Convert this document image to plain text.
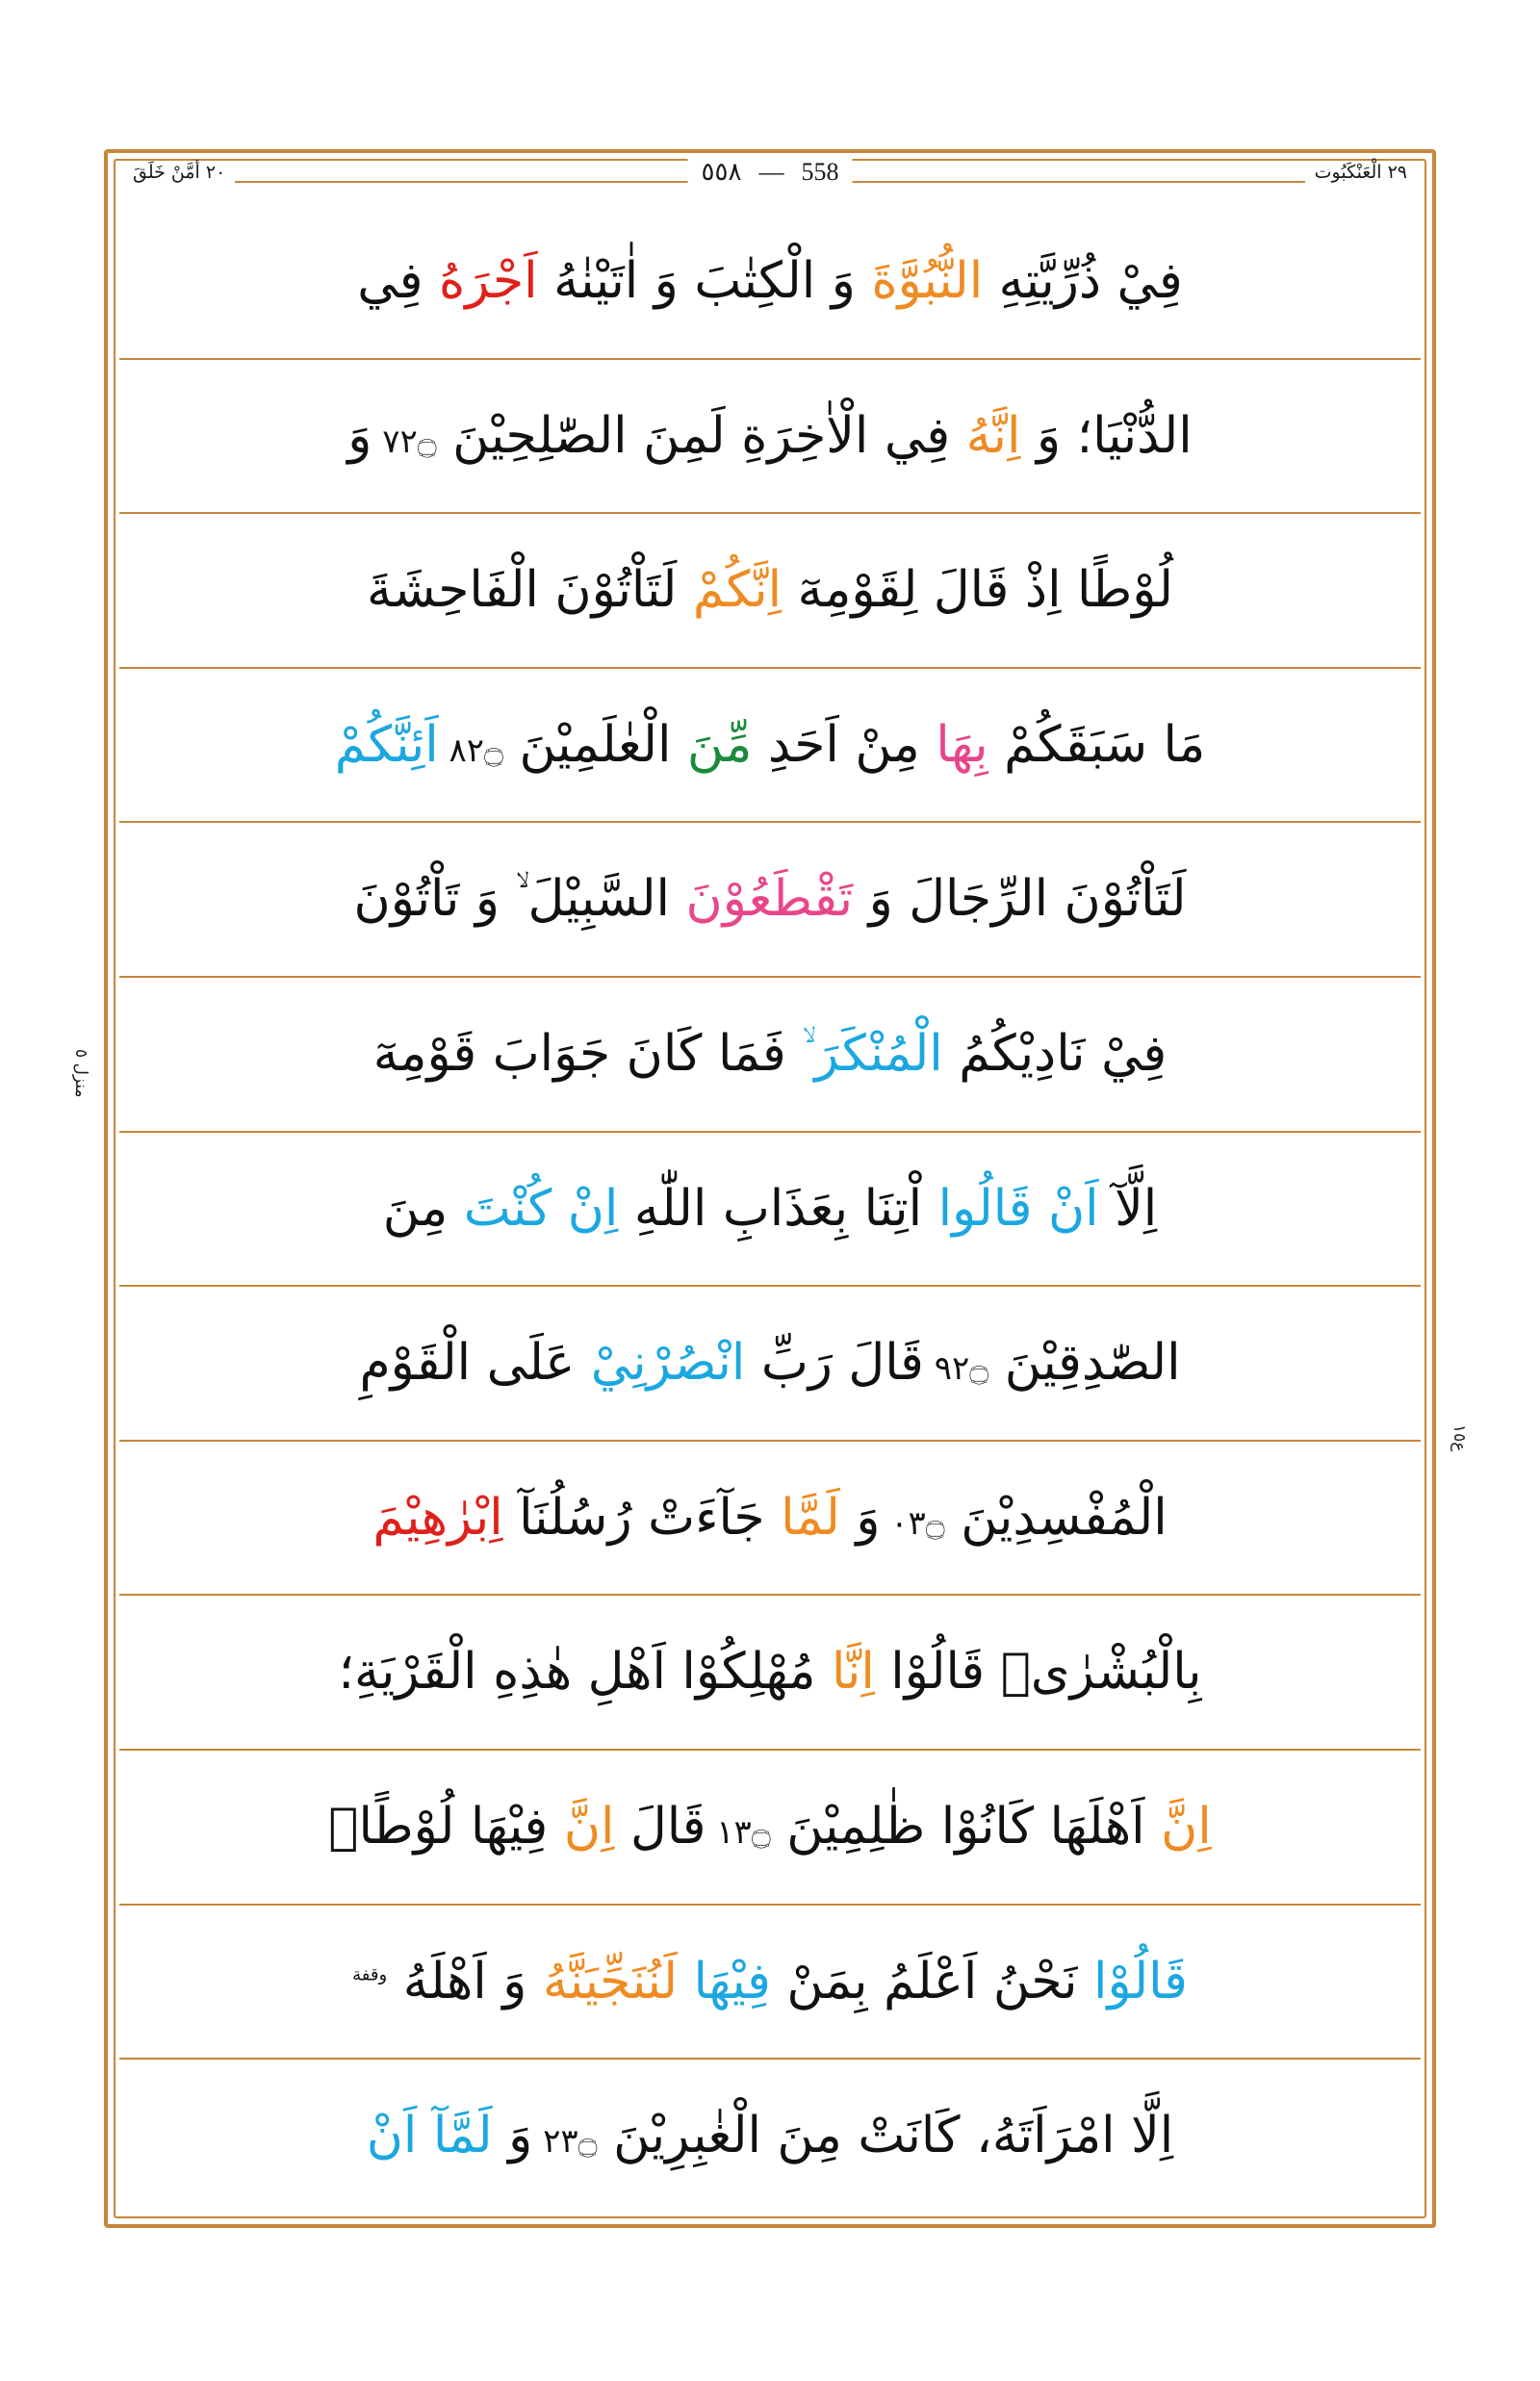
٢٠ أمَّنْ خَلَقَ	٢٩ الْعَنْكَبُوت
٥٥٨ — 558
منزل ٥
ع١٥
فِيْ ذُرِّيَّتِهِ النُّبُوَّةَ وَ الْكِتٰبَ وَ اٰتَيْنٰهُ اَجْرَهُ فِي
الدُّنْيَا؛ وَ اِنَّهُ فِي الْاٰخِرَةِ لَمِنَ الصّٰلِحِيْنَ ۝٢٧ وَ
لُوْطًا اِذْ قَالَ لِقَوْمِهٓ اِنَّكُمْ لَتَاْتُوْنَ الْفَاحِشَةَ
مَا سَبَقَكُمْ بِهَا مِنْ اَحَدِ مِّنَ الْعٰلَمِيْنَ ۝٢٨ اَئِنَّكُمْ
لَتَاْتُوْنَ الرِّجَالَ وَ تَقْطَعُوْنَ السَّبِيْلَ ۙ وَ تَاْتُوْنَ
فِيْ نَادِيْكُمُ الْمُنْكَرَ ۙ فَمَا كَانَ جَوَابَ قَوْمِهٓ
اِلَّآ اَنْ قَالُوا اْتِنَا بِعَذَابِ اللّٰهِ اِنْ كُنْتَ مِنَ
الصّٰدِقِيْنَ ۝٢٩ قَالَ رَبِّ انْصُرْنِيْ عَلَى الْقَوْمِ
الْمُفْسِدِيْنَ ۝٣٠ وَ لَمَّا جَآءَتْ رُسُلُنَآ اِبْرٰهِيْمَ
بِالْبُشْرٰىۙ قَالُوْا اِنَّا مُهْلِكُوْا اَهْلِ هٰذِهِ الْقَرْيَةِ؛
اِنَّ اَهْلَهَا كَانُوْا ظٰلِمِيْنَ ۝٣١ قَالَ اِنَّ فِيْهَا لُوْطًاۙ
قَالُوْا نَحْنُ اَعْلَمُ بِمَنْ فِيْهَا لَنُنَجِّيَنَّهُ وَ اَهْلَهُ $^{وقفة}$
اِلَّا امْرَاَتَهُ، كَانَتْ مِنَ الْغٰبِرِيْنَ ۝٣٢ وَ لَمَّآ اَنْ
